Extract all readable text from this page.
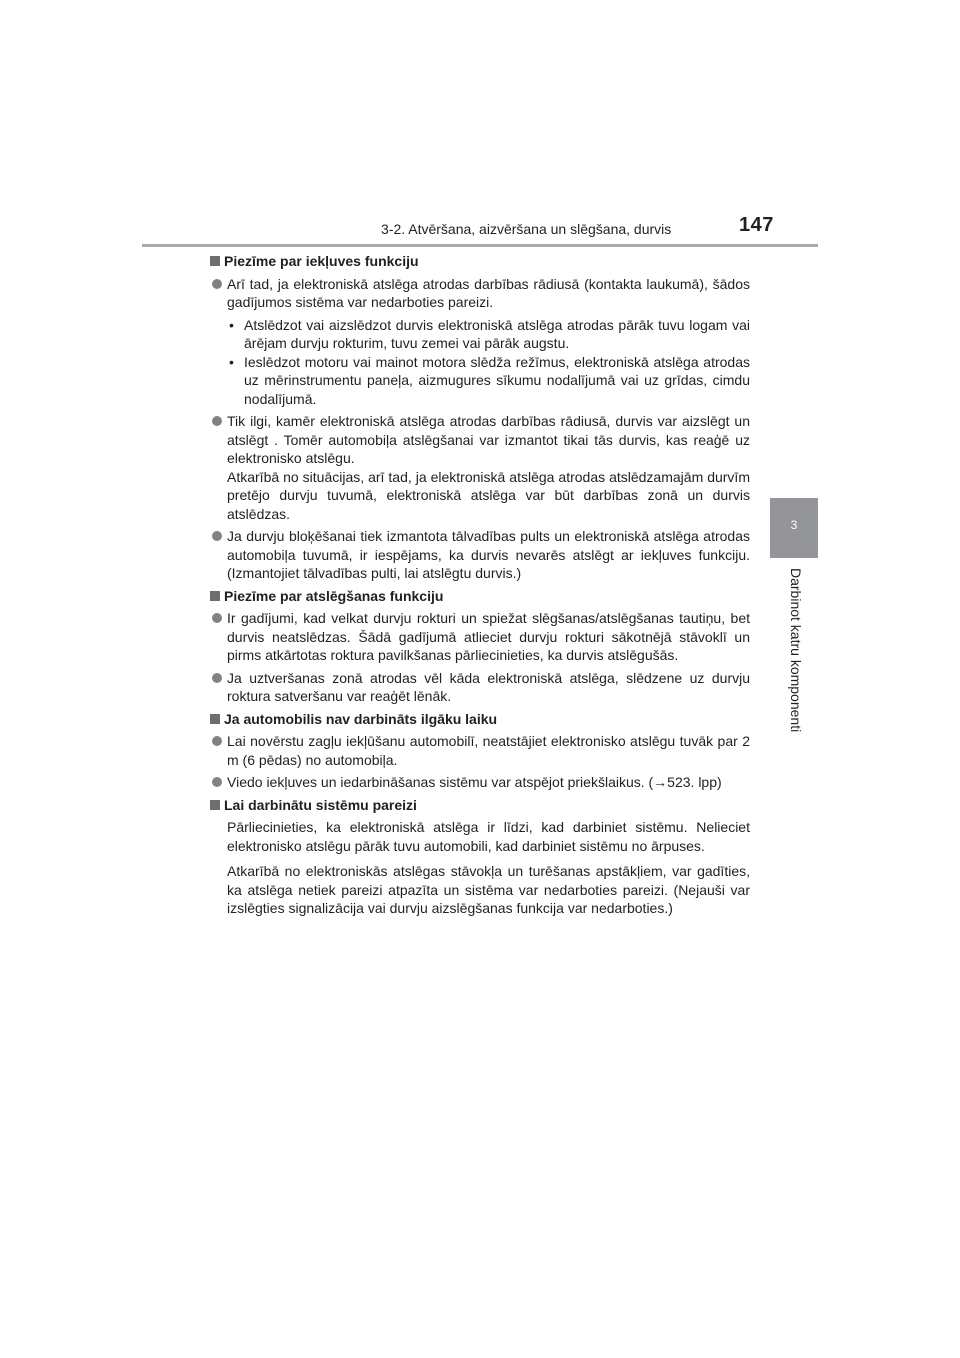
3-2. Atvēršana, aizvēršana un slēgšana, durvis	147
3
Darbinot katru komponenti
Piezīme par iekļuves funkciju
Arī tad, ja elektroniskā atslēga atrodas darbības rādiusā (kontakta laukumā), šādos gadījumos sistēma var nedarboties pareizi.
• Atslēdzot vai aizslēdzot durvis elektroniskā atslēga atrodas pārāk tuvu logam vai ārējam durvju rokturim, tuvu zemei vai pārāk augstu.
• Ieslēdzot motoru vai mainot motora slēdža režīmus, elektroniskā atslēga atrodas uz mērinstrumentu paneļa, aizmugures sīkumu nodalījumā vai uz grīdas, cimdu nodalījumā.
Tik ilgi, kamēr elektroniskā atslēga atrodas darbības rādiusā, durvis var aizslēgt un atslēgt . Tomēr automobiļa atslēgšanai var izmantot tikai tās durvis, kas reaģē uz elektronisko atslēgu.
Atkarībā no situācijas, arī tad, ja elektroniskā atslēga atrodas atslēdzamajām durvīm pretējo durvju tuvumā, elektroniskā atslēga var būt darbības zonā un durvis atslēdzas.
Ja durvju bloķēšanai tiek izmantota tālvadības pults un elektroniskā atslēga atrodas automobiļa tuvumā, ir iespējams, ka durvis nevarēs atslēgt ar iekļuves funkciju. (Izmantojiet tālvadības pulti, lai atslēgtu durvis.)
Piezīme par atslēgšanas funkciju
Ir gadījumi, kad velkat durvju rokturi un spiežat slēgšanas/atslēgšanas tautiņu, bet durvis neatslēdzas. Šādā gadījumā atlieciet durvju rokturi sākotnējā stāvoklī un pirms atkārtotas roktura pavilkšanas pārliecinieties, ka durvis atslēgušās.
Ja uztveršanas zonā atrodas vēl kāda elektroniskā atslēga, slēdzene uz durvju roktura satveršanu var reaģēt lēnāk.
Ja automobilis nav darbināts ilgāku laiku
Lai novērstu zagļu iekļūšanu automobilī, neatstājiet elektronisko atslēgu tuvāk par 2 m (6 pēdas) no automobiļa.
Viedo iekļuves un iedarbināšanas sistēmu var atspējot priekšlaikus. (→523. lpp)
Lai darbinātu sistēmu pareizi
Pārliecinieties, ka elektroniskā atslēga ir līdzi, kad darbiniet sistēmu. Nelieciet elektronisko atslēgu pārāk tuvu automobili, kad darbiniet sistēmu no ārpuses.
Atkarībā no elektroniskās atslēgas stāvokļa un turēšanas apstākļiem, var gadīties, ka atslēga netiek pareizi atpazīta un sistēma var nedarboties pareizi. (Nejauši var izslēgties signalizācija vai durvju aizslēgšanas funkcija var nedarboties.)
